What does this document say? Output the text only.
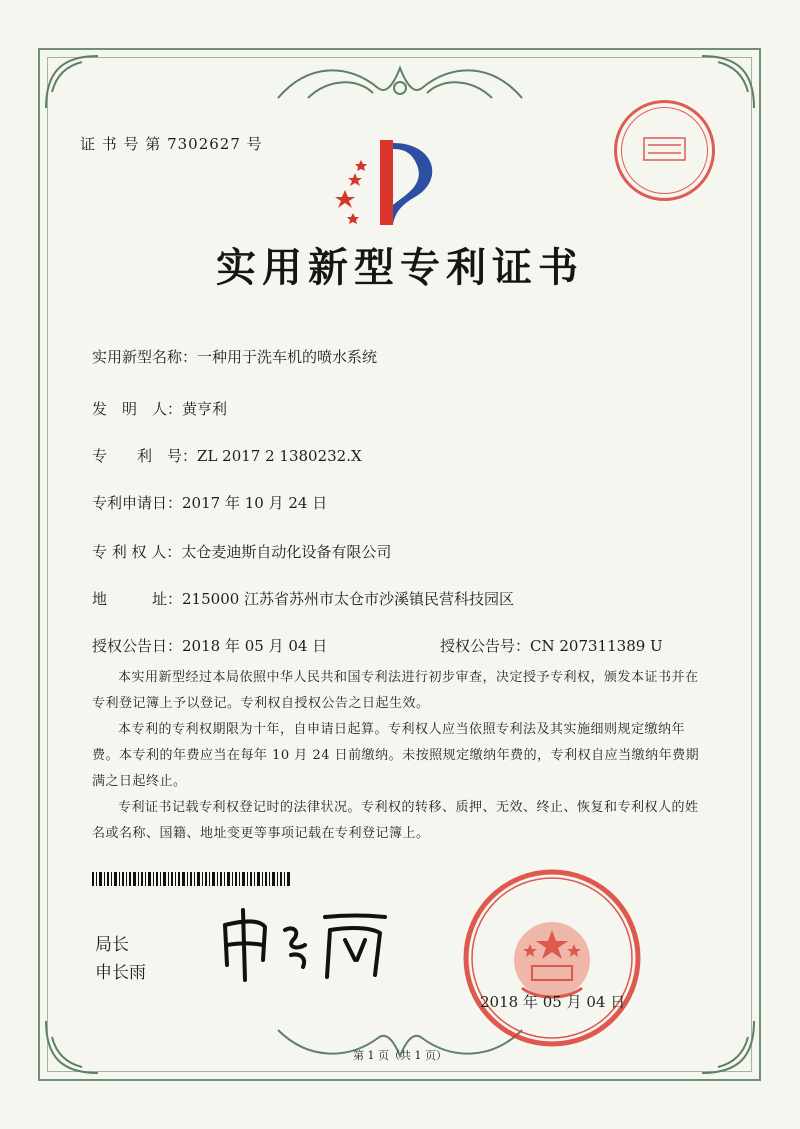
证 书 号 第 7302627 号
实用新型专利证书
实用新型名称：一种用于洗车机的喷水系统
发　明　人：黄亨利
专　　利　号：ZL 2017 2 1380232.X
专利申请日：2017 年 10 月 24 日
专 利 权 人：太仓麦迪斯自动化设备有限公司
地　　　址：215000 江苏省苏州市太仓市沙溪镇民营科技园区
授权公告日：2018 年 05 月 04 日	授权公告号：CN 207311389 U
本实用新型经过本局依照中华人民共和国专利法进行初步审查，决定授予专利权，颁发本证书并在专利登记簿上予以登记。专利权自授权公告之日起生效。
本专利的专利权期限为十年，自申请日起算。专利权人应当依照专利法及其实施细则规定缴纳年费。本专利的年费应当在每年 10 月 24 日前缴纳。未按照规定缴纳年费的，专利权自应当缴纳年费期满之日起终止。
专利证书记载专利权登记时的法律状况。专利权的转移、质押、无效、终止、恢复和专利权人的姓名或名称、国籍、地址变更等事项记载在专利登记簿上。
局长
申长雨
2018 年 05 月 04 日
第 1 页（共 1 页）
